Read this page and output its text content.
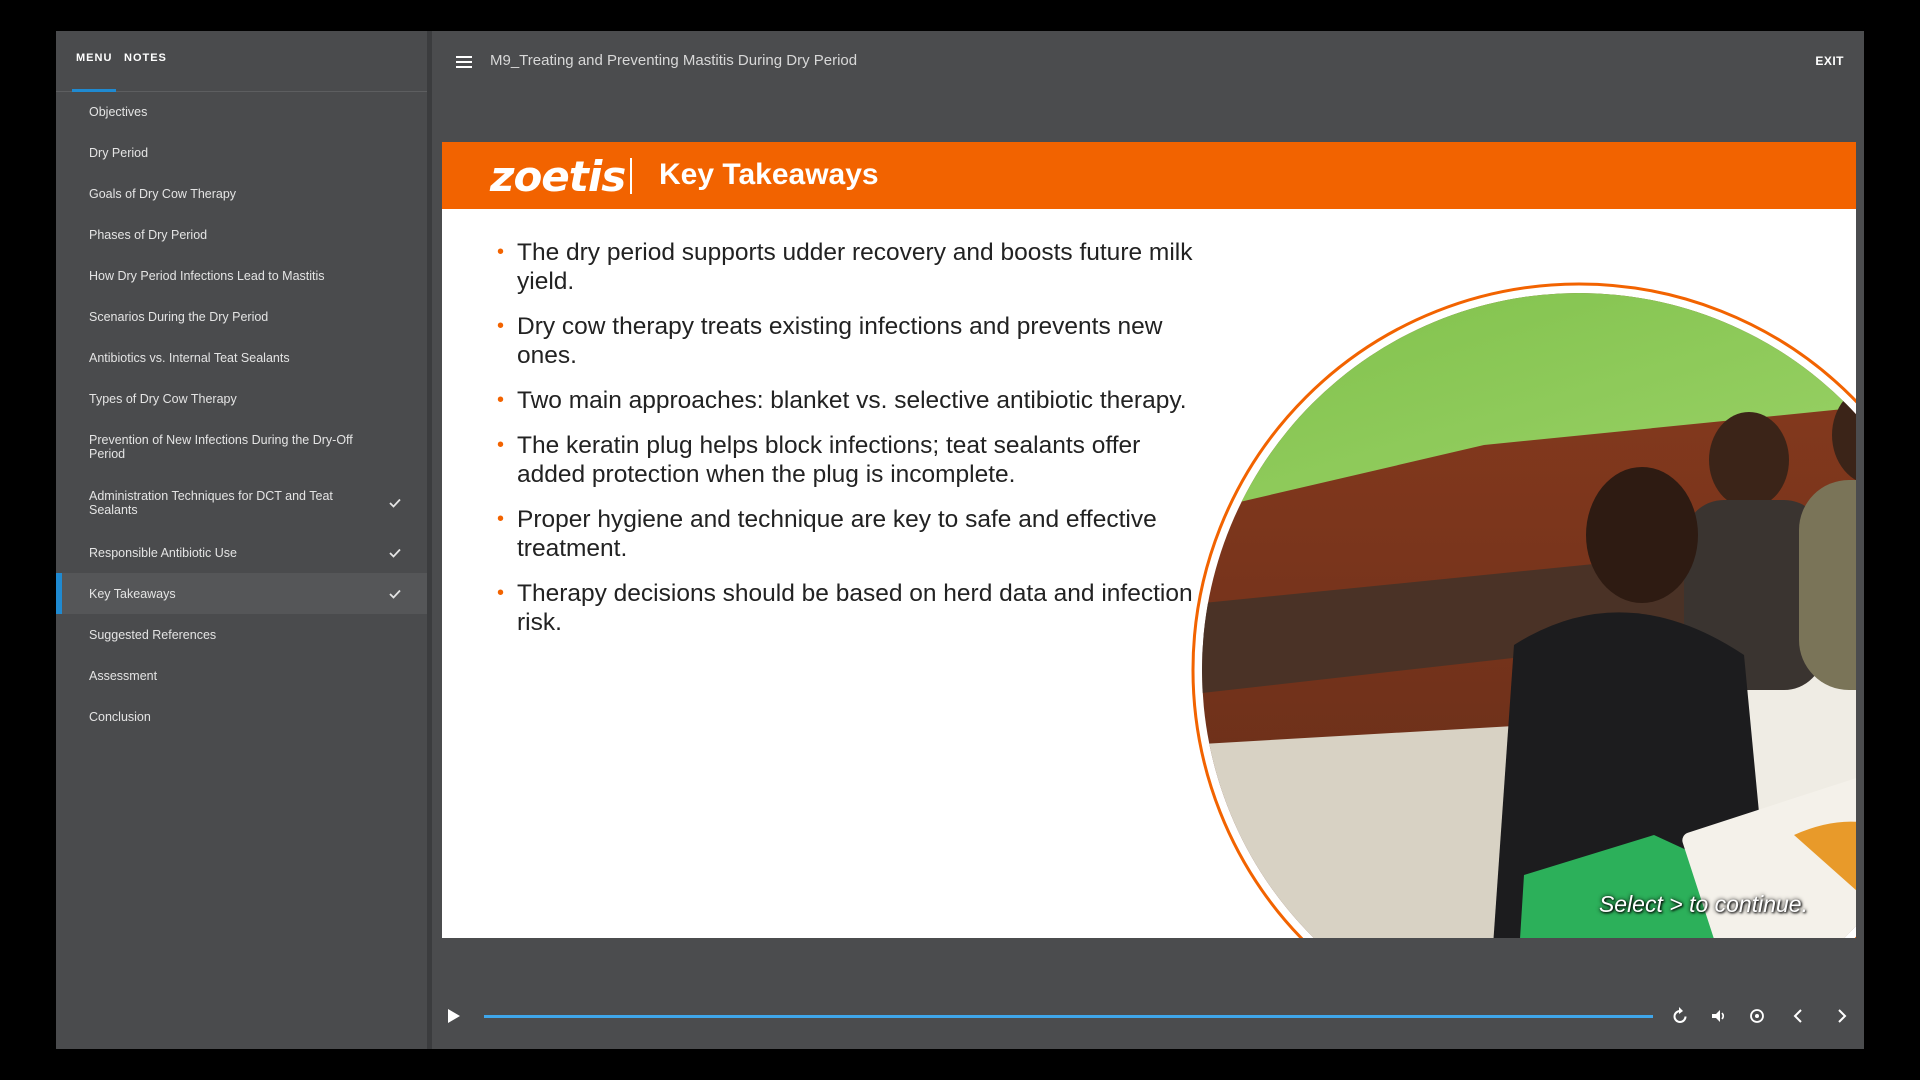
MENU NOTES
Objectives
Dry Period
Goals of Dry Cow Therapy
Phases of Dry Period
How Dry Period Infections Lead to Mastitis
Scenarios During the Dry Period
Antibiotics vs. Internal Teat Sealants
Types of Dry Cow Therapy
Prevention of New Infections During the Dry-Off Period
Administration Techniques for DCT and Teat Sealants
Responsible Antibiotic Use
Key Takeaways
Suggested References
Assessment
Conclusion
M9_Treating and Preventing Mastitis During Dry Period	EXIT
zoetis Key Takeaways
• The dry period supports udder recovery and boosts future milk yield.
• Dry cow therapy treats existing infections and prevents new ones.
• Two main approaches: blanket vs. selective antibiotic therapy.
• The keratin plug helps block infections; teat sealants offer added protection when the plug is incomplete.
• Proper hygiene and technique are key to safe and effective treatment.
• Therapy decisions should be based on herd data and infection risk.
Select > to continue.
